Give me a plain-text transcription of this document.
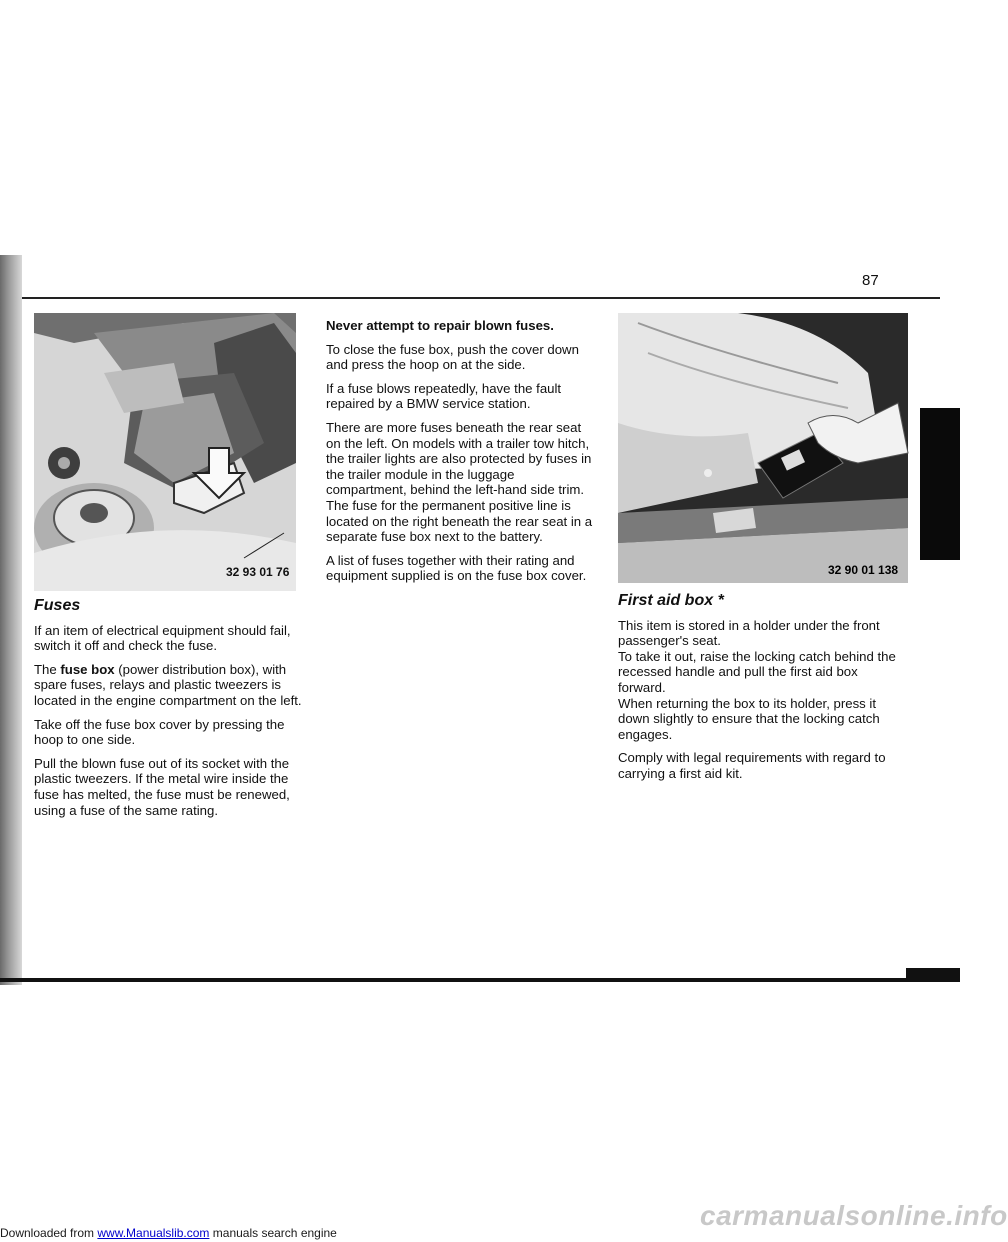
87
32 93 01 76
Fuses

If an item of electrical equipment should fail, switch it off and check the fuse.

The fuse box (power distribution box), with spare fuses, relays and plastic tweezers is located in the engine compartment on the left.

Take off the fuse box cover by pressing the hoop to one side.

Pull the blown fuse out of its socket with the plastic tweezers. If the metal wire inside the fuse has melted, the fuse must be renewed, using a fuse of the same rating.

Never attempt to repair blown fuses.

To close the fuse box, push the cover down and press the hoop on at the side.

If a fuse blows repeatedly, have the fault repaired by a BMW service station.

There are more fuses beneath the rear seat on the left. On models with a trailer tow hitch, the trailer lights are also protected by fuses in the trailer module in the luggage compartment, behind the left-hand side trim. The fuse for the permanent positive line is located on the right beneath the rear seat in a separate fuse box next to the battery.

A list of fuses together with their rating and equipment supplied is on the fuse box cover.	32 90 01 138
First aid box *

This item is stored in a holder under the front passenger's seat.

To take it out, raise the locking catch behind the recessed handle and pull the first aid box forward.

When returning the box to its holder, press it down slightly to ensure that the locking catch engages.

Comply with legal requirements with regard to carrying a first aid kit.

carmanualsonline.info
Downloaded from www.Manualslib.com manuals search engine
